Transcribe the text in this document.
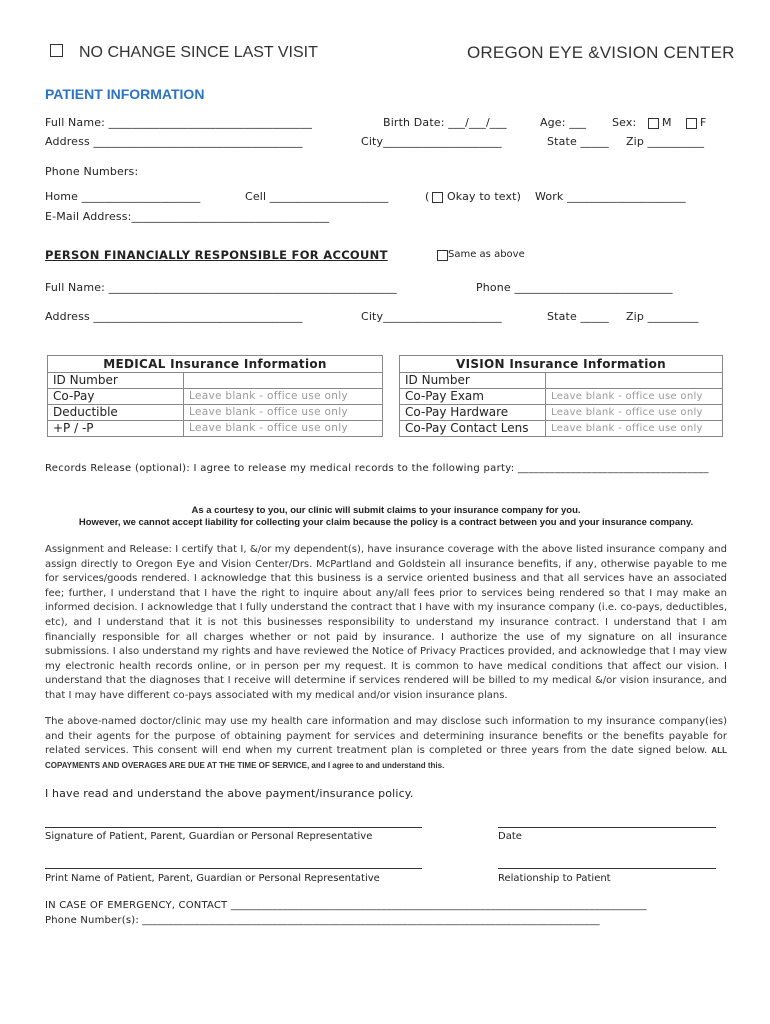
NO CHANGE SINCE LAST VISIT	OREGON EYE &VISION CENTER
PATIENT INFORMATION
Full Name: ____________________________________	Birth Date: ___/___/___	Age: ___ Sex: M	F
Address _____________________________________	City_____________________	State _____ Zip __________
Phone Numbers:
Home _____________________	Cell _____________________	( Okay to text) Work _____________________
E-Mail Address:___________________________________
PERSON FINANCIALLY RESPONSIBLE FOR ACCOUNT	Same as above
Full Name: ___________________________________________________	Phone ____________________________
Address _____________________________________	City_____________________	State _____ Zip _________
MEDICAL Insurance Information	
ID Number	
Co-Pay	Leave blank - office use only
Deductible	Leave blank - office use only
+P / -P	Leave blank - office use only
VISION Insurance Information	
ID Number	
Co-Pay Exam	Leave blank - office use only
Co-Pay Hardware	Leave blank - office use only
Co-Pay Contact Lens	Leave blank - office use only
Records Release (optional): I agree to release my medical records to the following party: ____________________________________
As a courtesy to you, our clinic will submit claims to your insurance company for you.
However, we cannot accept liability for collecting your claim because the policy is a contract between you and your insurance company.
Assignment and Release: I certify that I, &/or my dependent(s), have insurance coverage with the above listed insurance company and assign directly to Oregon Eye and Vision Center/Drs. McPartland and Goldstein all insurance benefits, if any, otherwise payable to me for services/goods rendered. I acknowledge that this business is a service oriented business and that all services have an associated fee; further, I understand that I have the right to inquire about any/all fees prior to services being rendered so that I may make an informed decision. I acknowledge that I fully understand the contract that I have with my insurance company (i.e. co-pays, deductibles, etc), and I understand that it is not this businesses responsibility to understand my insurance contract. I understand that I am financially responsible for all charges whether or not paid by insurance. I authorize the use of my signature on all insurance submissions. I also understand my rights and have reviewed the Notice of Privacy Practices provided, and acknowledge that I may view my electronic health records online, or in person per my request. It is common to have medical conditions that affect our vision. I understand that the diagnoses that I receive will determine if services rendered will be billed to my medical &/or vision insurance, and that I may have different co-pays associated with my medical and/or vision insurance plans.
The above-named doctor/clinic may use my health care information and may disclose such information to my insurance company(ies) and their agents for the purpose of obtaining payment for services and determining insurance benefits or the benefits payable for related services. This consent will end when my current treatment plan is completed or three years from the date signed below. ALL COPAYMENTS AND OVERAGES ARE DUE AT THE TIME OF SERVICE, and I agree to and understand this.
I have read and understand the above payment/insurance policy.
Signature of Patient, Parent, Guardian or Personal Representative	Date
Print Name of Patient, Parent, Guardian or Personal Representative	Relationship to Patient
IN CASE OF EMERGENCY, CONTACT ________________________________________________________________________________
Phone Number(s): ________________________________________________________________________________________
